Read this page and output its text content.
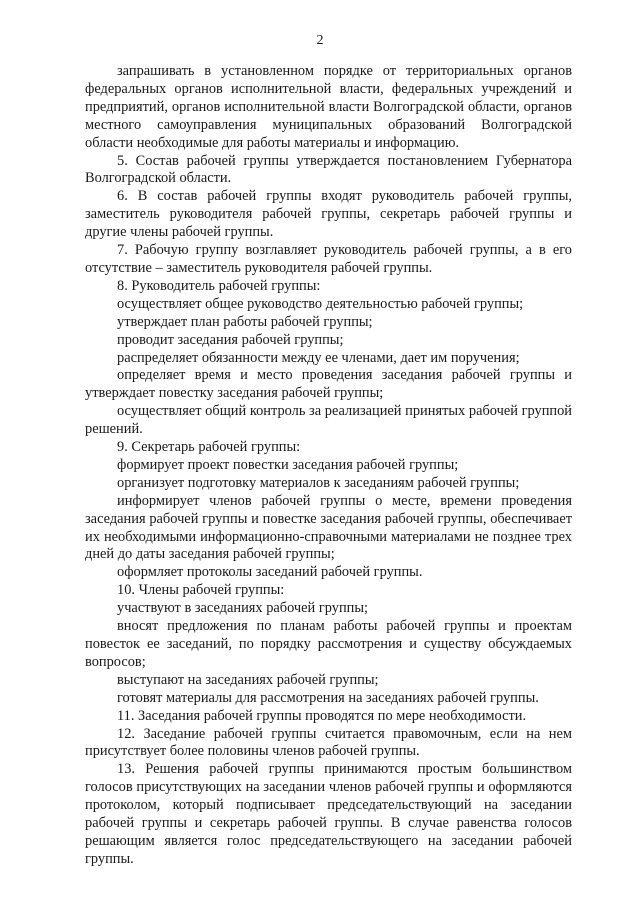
2

запрашивать в установленном порядке от территориальных органов федеральных органов исполнительной власти, федеральных учреждений и предприятий, органов исполнительной власти Волгоградской области, органов местного самоуправления муниципальных образований Волгоградской области необходимые для работы материалы и информацию.

5. Состав рабочей группы утверждается постановлением Губернатора Волгоградской области.

6. В состав рабочей группы входят руководитель рабочей группы, заместитель руководителя рабочей группы, секретарь рабочей группы и другие члены рабочей группы.

7. Рабочую группу возглавляет руководитель рабочей группы, а в его отсутствие – заместитель руководителя рабочей группы.

8. Руководитель рабочей группы:

осуществляет общее руководство деятельностью рабочей группы;

утверждает план работы рабочей группы;

проводит заседания рабочей группы;

распределяет обязанности между ее членами, дает им поручения;

определяет время и место проведения заседания рабочей группы и утверждает повестку заседания рабочей группы;

осуществляет общий контроль за реализацией принятых рабочей группой решений.

9. Секретарь рабочей группы:

формирует проект повестки заседания рабочей группы;

организует подготовку материалов к заседаниям рабочей группы;

информирует членов рабочей группы о месте, времени проведения заседания рабочей группы и повестке заседания рабочей группы, обеспечивает их необходимыми информационно-справочными материалами не позднее трех дней до даты заседания рабочей группы;

оформляет протоколы заседаний рабочей группы.

10. Члены рабочей группы:

участвуют в заседаниях рабочей группы;

вносят предложения по планам работы рабочей группы и проектам повесток ее заседаний, по порядку рассмотрения и существу обсуждаемых вопросов;

выступают на заседаниях рабочей группы;

готовят материалы для рассмотрения на заседаниях рабочей группы.

11. Заседания рабочей группы проводятся по мере необходимости.

12. Заседание рабочей группы считается правомочным, если на нем присутствует более половины членов рабочей группы.

13. Решения рабочей группы принимаются простым большинством голосов присутствующих на заседании членов рабочей группы и оформляются протоколом, который подписывает председательствующий на заседании рабочей группы и секретарь рабочей группы. В случае равенства голосов решающим является голос председательствующего на заседании рабочей группы.
